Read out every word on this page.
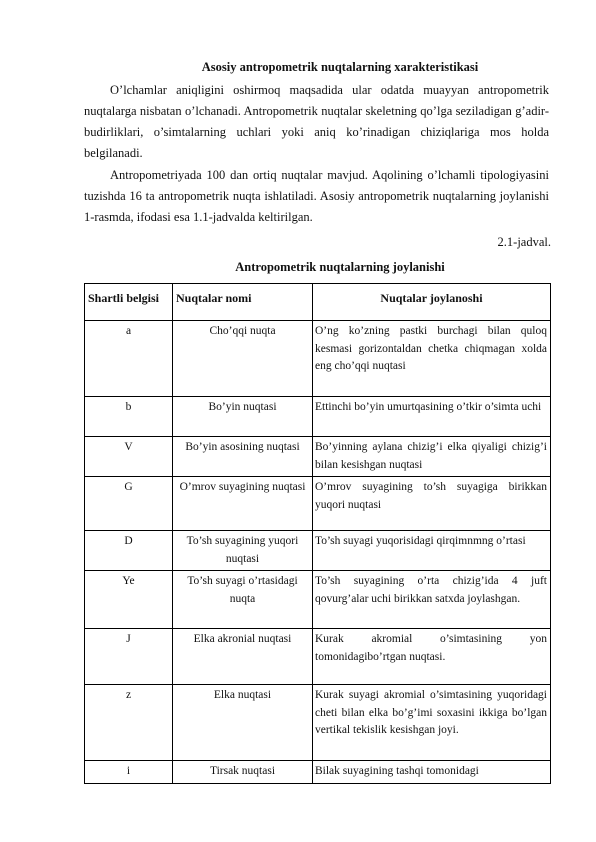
Asosiy antropometrik nuqtalarning xarakteristikasi

O’lchamlar aniqligini oshirmoq maqsadida ular odatda muayyan antropometrik nuqtalarga nisbatan o’lchanadi. Antropometrik nuqtalar skeletning qo’lga seziladigan g’adir-budirliklari, o’simtalarning uchlari yoki aniq ko’rinadigan chiziqlariga mos holda belgilanadi.

Antropometriyada 100 dan ortiq nuqtalar mavjud. Aqolining o’lchamli tipologiyasini tuzishda 16 ta antropometrik nuqta ishlatiladi. Asosiy antropometrik nuqtalarning joylanishi 1-rasmda, ifodasi esa 1.1-jadvalda keltirilgan.

2.1-jadval.
Antropometrik nuqtalarning joylanishi
Shartli belgisi	Nuqtalar nomi	Nuqtalar joylanoshi
a	Cho’qqi nuqta	O’ng ko’zning pastki burchagi bilan quloq kesmasi gorizontaldan chetka chiqmagan xolda eng cho’qqi nuqtasi
b	Bo’yin nuqtasi	Ettinchi bo’yin umurtqasining o’tkir o’simta uchi
V	Bo’yin asosining nuqtasi	Bo’yinning aylana chizig’i elka qiyaligi chizig’i bilan kesishgan nuqtasi
G	O’mrov suyagining nuqtasi	O’mrov suyagining to’sh suyagiga birikkan yuqori nuqtasi
D	To’sh suyagining yuqori nuqtasi	To’sh suyagi yuqorisidagi qirqimnmng o’rtasi
Ye	To’sh suyagi o’rtasidagi nuqta	To’sh suyagining o’rta chizig’ida 4 juft qovurg’alar uchi birikkan satxda joylashgan.
J	Elka akronial nuqtasi	Kurak akromial o’simtasining yon tomonidagibo’rtgan nuqtasi.
z	Elka nuqtasi	Kurak suyagi akromial o’simtasining yuqoridagi cheti bilan elka bo’g’imi soxasini ikkiga bo’lgan vertikal tekislik kesishgan joyi.
i	Tirsak nuqtasi	Bilak suyagining tashqi tomonidagi
